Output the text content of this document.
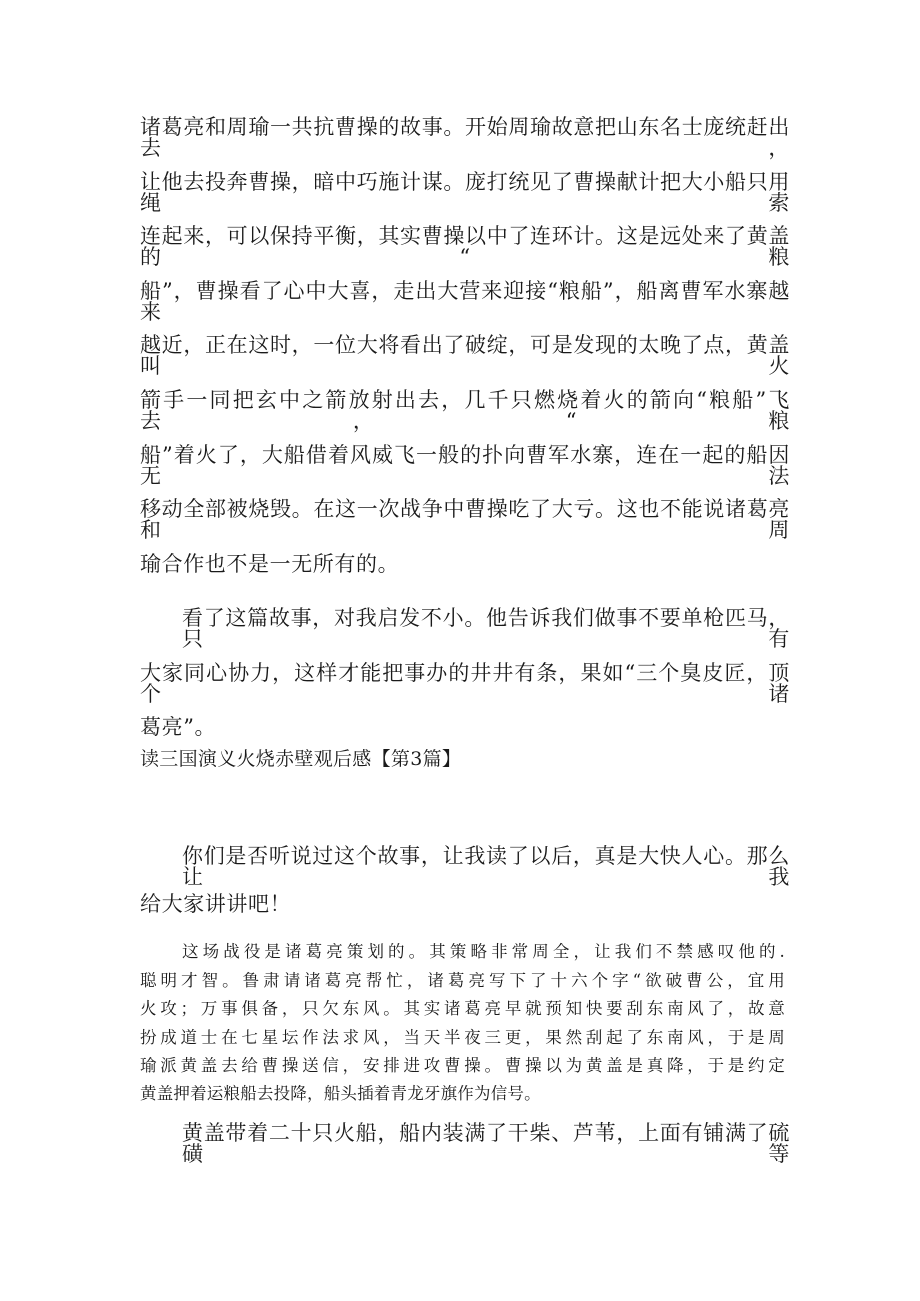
诸葛亮和周瑜一共抗曹操的故事。开始周瑜故意把山东名士庞统赶出去，
让他去投奔曹操，暗中巧施计谋。庞打统见了曹操献计把大小船只用绳索
连起来，可以保持平衡，其实曹操以中了连环计。这是远处来了黄盖的“粮
船”，曹操看了心中大喜，走出大营来迎接“粮船”，船离曹军水寨越来
越近，正在这时，一位大将看出了破绽，可是发现的太晚了点，黄盖叫火
箭手一同把玄中之箭放射出去，几千只燃烧着火的箭向“粮船”飞去，“粮
船”着火了，大船借着风威飞一般的扑向曹军水寨，连在一起的船因无法
移动全部被烧毁。在这一次战争中曹操吃了大亏。这也不能说诸葛亮和周
瑜合作也不是一无所有的。
看了这篇故事，对我启发不小。他告诉我们做事不要单枪匹马，只有
大家同心协力，这样才能把事办的井井有条，果如“三个臭皮匠，顶个诸
葛亮”。
读三国演义火烧赤壁观后感【第3篇】
你们是否听说过这个故事，让我读了以后，真是大快人心。那么让我
给大家讲讲吧！
这场战役是诸葛亮策划的。其策略非常周全，让我们不禁感叹他的.
聪明才智。鲁肃请诸葛亮帮忙，诸葛亮写下了十六个字“欲破曹公，宜用
火攻；万事俱备，只欠东风。其实诸葛亮早就预知快要刮东南风了，故意
扮成道士在七星坛作法求风，当天半夜三更，果然刮起了东南风，于是周
瑜派黄盖去给曹操送信，安排进攻曹操。曹操以为黄盖是真降，于是约定
黄盖押着运粮船去投降，船头插着青龙牙旗作为信号。
黄盖带着二十只火船，船内装满了干柴、芦苇，上面有铺满了硫磺等
